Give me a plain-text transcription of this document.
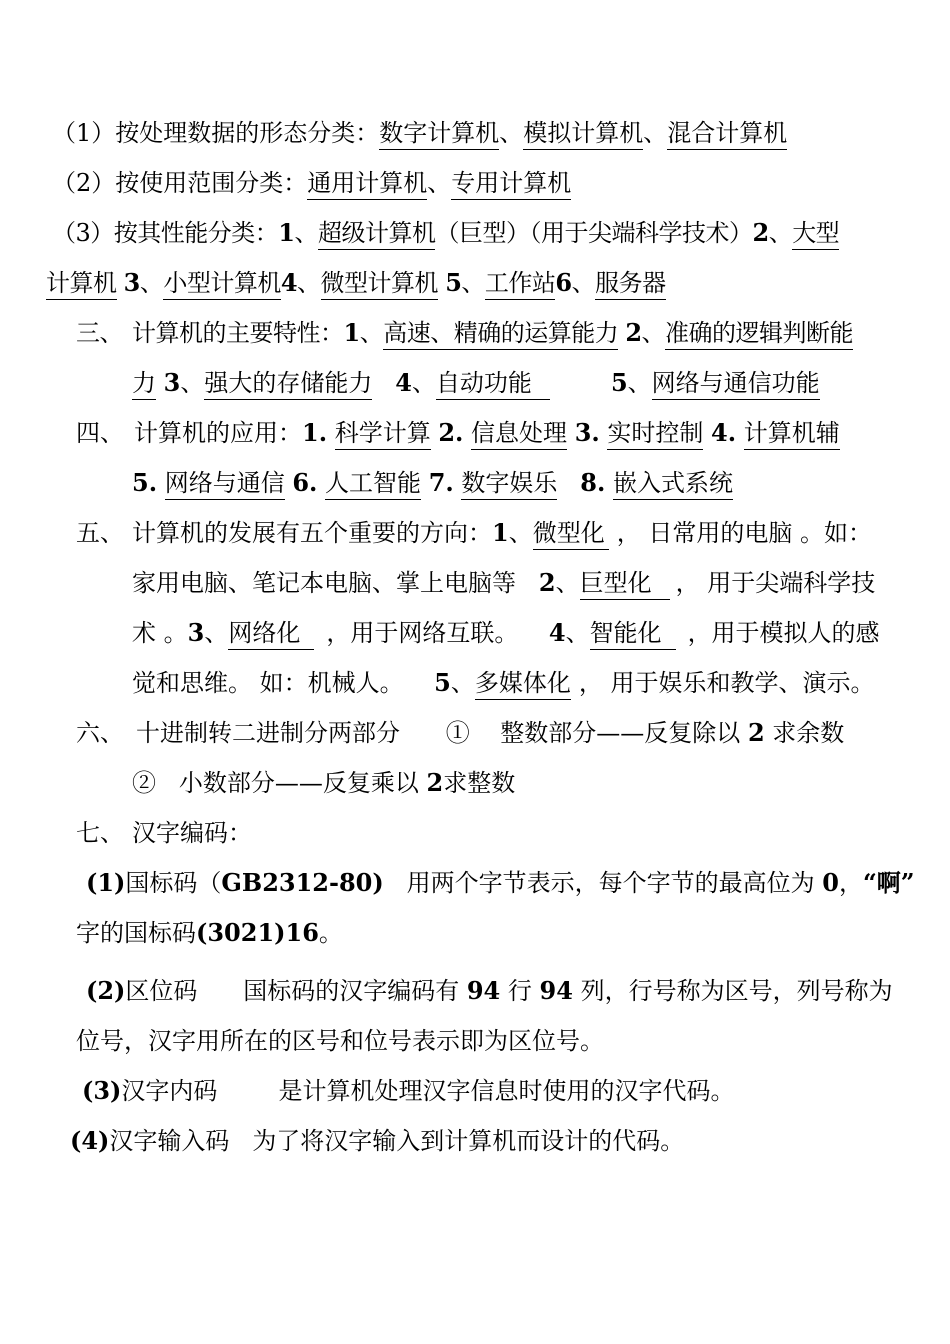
（1）按处理数据的形态分类：数字计算机、模拟计算机、混合计算机
（2）按使用范围分类：通用计算机、专用计算机
（3）按其性能分类：1、超级计算机（巨型）（用于尖端科学技术）2、大型
计算机 3、小型计算机4、微型计算机 5、工作站6、服务器
三、 计算机的主要特性：1、高速、精确的运算能力 2、准确的逻辑判断能
力 3、强大的存储能力 4、自动功能	5、网络与通信功能
四、 计算机的应用：1. 科学计算 2. 信息处理 3. 实时控制 4. 计算机辅
5. 网络与通信 6. 人工智能 7. 数字娱乐 8. 嵌入式系统
五、 计算机的发展有五个重要的方向：1、微型化 ， 日常用的电脑 。如：
家用电脑、笔记本电脑、掌上电脑等 2、巨型化 ， 用于尖端科学技
术 。3、网络化 ，用于网络互联。 4、智能化 ，用于模拟人的感
觉和思维。 如：机械人。 5、多媒体化 ， 用于娱乐和教学、演示。
六、 十进制转二进制分两部分 ① 整数部分——反复除以 2 求余数
② 小数部分——反复乘以 2求整数
七、 汉字编码：
(1)国标码（GB2312-80) 用两个字节表示，每个字节的最高位为 0，“啊”
字的国标码(3021)16。
(2)区位码 国标码的汉字编码有 94 行 94 列，行号称为区号，列号称为
位号，汉字用所在的区号和位号表示即为区位号。
(3)汉字内码	是计算机处理汉字信息时使用的汉字代码。
(4)汉字输入码 为了将汉字输入到计算机而设计的代码。
